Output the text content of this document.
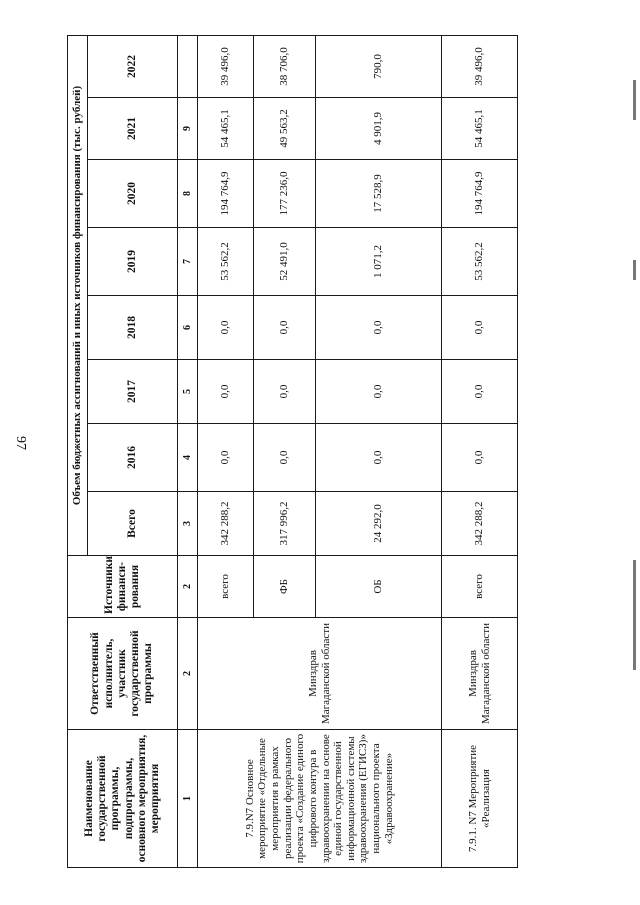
97
Наименование государственной программы, подпрограммы, основного мероприятия, мероприятия	Ответственный исполнитель, участник государственной программы	Источники финанси-рования	Объем бюджетных ассигнований и иных источников финансирования (тыс. рублей)							
			Всего	2016	2017	2018	2019	2020	2021	2022
1	2	2	3	4	5	6	7	8	9	
7.9.N7 Основное мероприятие «Отдельные мероприятия в рамках реализации федерального проекта «Создание единого цифрового контура в здравоохранении на основе единой государственной информационной системы здравоохранения (ЕГИСЗ)» национального проекта «Здравоохранение»	Минздрав Магаданской области	всего	342 288,2	0,0	0,0	0,0	53 562,2	194 764,9	54 465,1	39 496,0
		ФБ	317 996,2	0,0	0,0	0,0	52 491,0	177 236,0	49 563,2	38 706,0
		ОБ	24 292,0	0,0	0,0	0,0	1 071,2	17 528,9	4 901,9	790,0
7.9.1. N7 Мероприятие «Реализация	Минздрав Магаданской области	всего	342 288,2	0,0	0,0	0,0	53 562,2	194 764,9	54 465,1	39 496,0
